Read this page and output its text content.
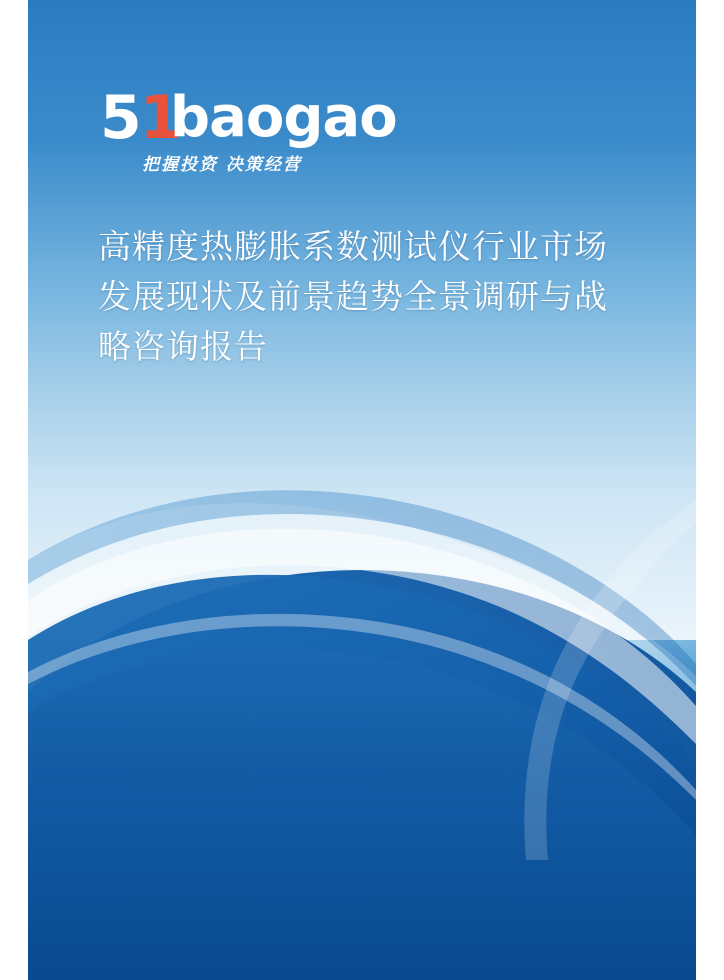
51
baogao
把握投资 决策经营
高精度热膨胀系数测试仪行业市场发展现状及前景趋势全景调研与战略咨询报告
